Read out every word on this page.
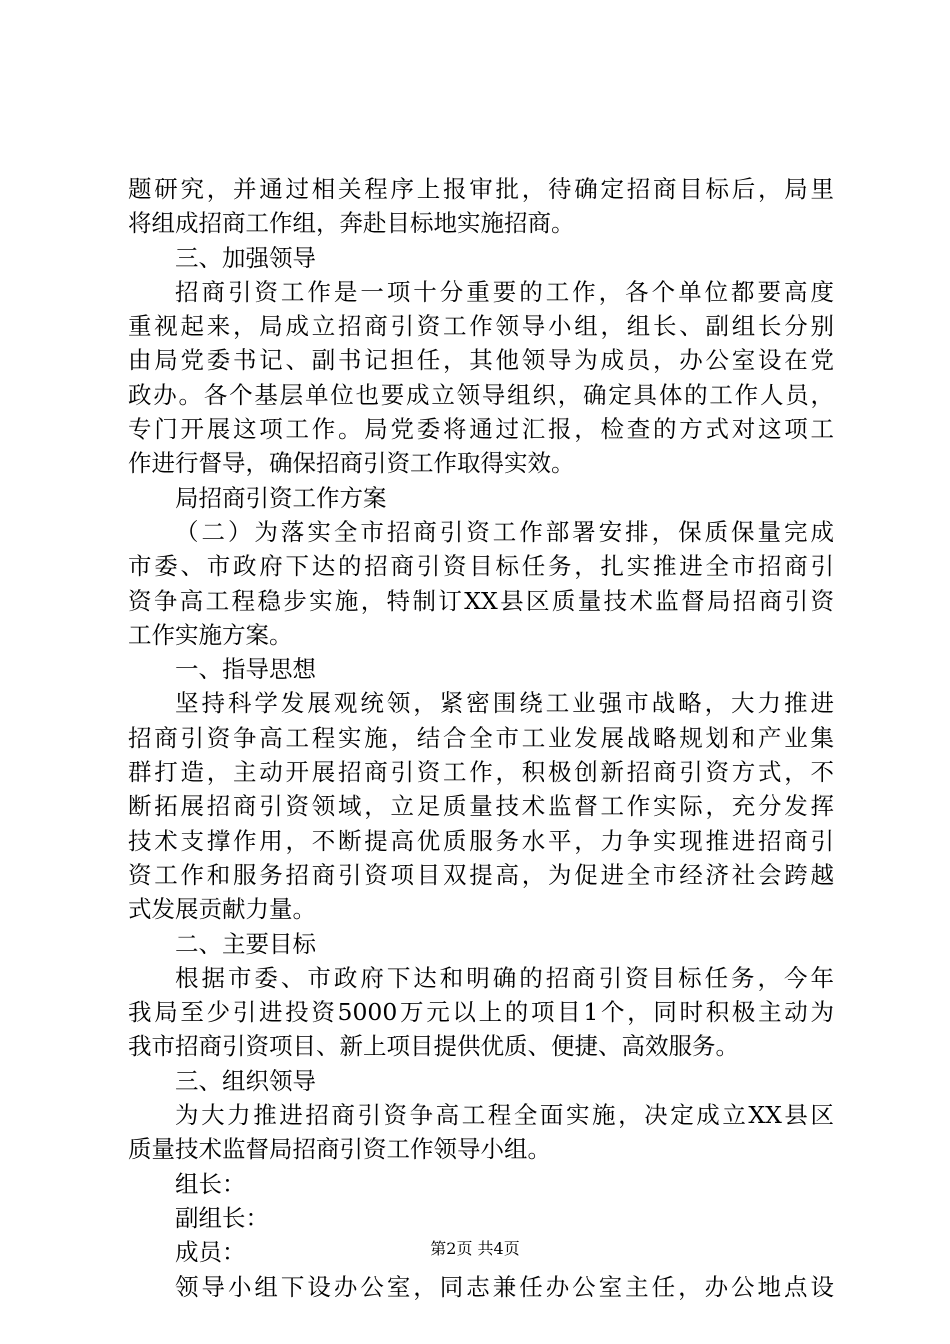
题研究，并通过相关程序上报审批，待确定招商目标后，局里
将组成招商工作组，奔赴目标地实施招商。
三、加强领导
招商引资工作是一项十分重要的工作，各个单位都要高度
重视起来，局成立招商引资工作领导小组，组长、副组长分别
由局党委书记、副书记担任，其他领导为成员，办公室设在党
政办。各个基层单位也要成立领导组织，确定具体的工作人员，
专门开展这项工作。局党委将通过汇报，检查的方式对这项工
作进行督导，确保招商引资工作取得实效。
局招商引资工作方案
（二）为落实全市招商引资工作部署安排，保质保量完成
市委、市政府下达的招商引资目标任务，扎实推进全市招商引
资争高工程稳步实施，特制订XX县区质量技术监督局招商引资
工作实施方案。
一、指导思想
坚持科学发展观统领，紧密围绕工业强市战略，大力推进
招商引资争高工程实施，结合全市工业发展战略规划和产业集
群打造，主动开展招商引资工作，积极创新招商引资方式，不
断拓展招商引资领域，立足质量技术监督工作实际，充分发挥
技术支撑作用，不断提高优质服务水平，力争实现推进招商引
资工作和服务招商引资项目双提高，为促进全市经济社会跨越
式发展贡献力量。
二、主要目标
根据市委、市政府下达和明确的招商引资目标任务，今年
我局至少引进投资5000万元以上的项目1个，同时积极主动为
我市招商引资项目、新上项目提供优质、便捷、高效服务。
三、组织领导
为大力推进招商引资争高工程全面实施，决定成立XX县区
质量技术监督局招商引资工作领导小组。
组长：
副组长：
成员：
领导小组下设办公室，同志兼任办公室主任，办公地点设
第2页 共4页
